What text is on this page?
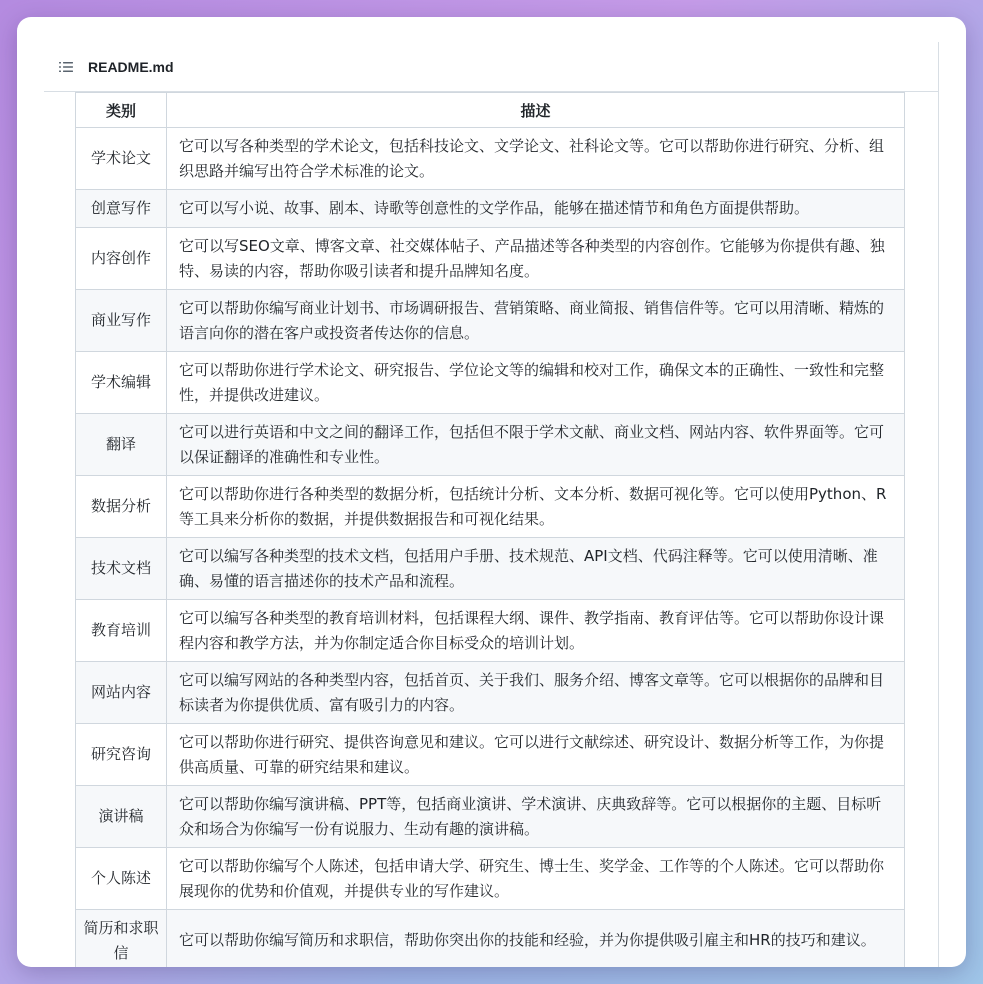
README.md
类别	描述
学术论文	它可以写各种类型的学术论文，包括科技论文、文学论文、社科论文等。它可以帮助你进行研究、分析、组织思路并编写出符合学术标准的论文。
创意写作	它可以写小说、故事、剧本、诗歌等创意性的文学作品，能够在描述情节和角色方面提供帮助。
内容创作	它可以写SEO文章、博客文章、社交媒体帖子、产品描述等各种类型的内容创作。它能够为你提供有趣、独特、易读的内容，帮助你吸引读者和提升品牌知名度。
商业写作	它可以帮助你编写商业计划书、市场调研报告、营销策略、商业简报、销售信件等。它可以用清晰、精炼的语言向你的潜在客户或投资者传达你的信息。
学术编辑	它可以帮助你进行学术论文、研究报告、学位论文等的编辑和校对工作，确保文本的正确性、一致性和完整性，并提供改进建议。
翻译	它可以进行英语和中文之间的翻译工作，包括但不限于学术文献、商业文档、网站内容、软件界面等。它可以保证翻译的准确性和专业性。
数据分析	它可以帮助你进行各种类型的数据分析，包括统计分析、文本分析、数据可视化等。它可以使用Python、R等工具来分析你的数据，并提供数据报告和可视化结果。
技术文档	它可以编写各种类型的技术文档，包括用户手册、技术规范、API文档、代码注释等。它可以使用清晰、准确、易懂的语言描述你的技术产品和流程。
教育培训	它可以编写各种类型的教育培训材料，包括课程大纲、课件、教学指南、教育评估等。它可以帮助你设计课程内容和教学方法，并为你制定适合你目标受众的培训计划。
网站内容	它可以编写网站的各种类型内容，包括首页、关于我们、服务介绍、博客文章等。它可以根据你的品牌和目标读者为你提供优质、富有吸引力的内容。
研究咨询	它可以帮助你进行研究、提供咨询意见和建议。它可以进行文献综述、研究设计、数据分析等工作，为你提供高质量、可靠的研究结果和建议。
演讲稿	它可以帮助你编写演讲稿、PPT等，包括商业演讲、学术演讲、庆典致辞等。它可以根据你的主题、目标听众和场合为你编写一份有说服力、生动有趣的演讲稿。
个人陈述	它可以帮助你编写个人陈述，包括申请大学、研究生、博士生、奖学金、工作等的个人陈述。它可以帮助你展现你的优势和价值观，并提供专业的写作建议。
简历和求职信	它可以帮助你编写简历和求职信，帮助你突出你的技能和经验，并为你提供吸引雇主和HR的技巧和建议。
